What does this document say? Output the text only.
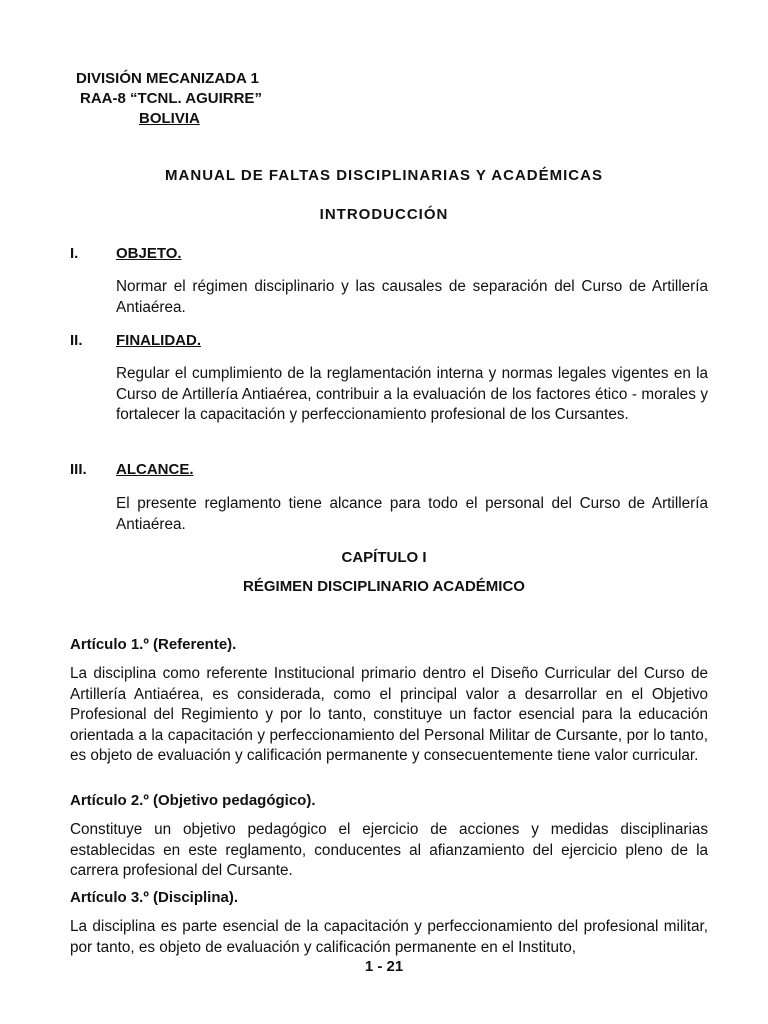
DIVISIÓN MECANIZADA 1
RAA-8 “TCNL. AGUIRRE”
BOLIVIA
MANUAL DE FALTAS DISCIPLINARIAS Y ACADÉMICAS
INTRODUCCIÓN
I.	OBJETO.
Normar el régimen disciplinario y las causales de separación del Curso de Artillería Antiaérea.
II. FINALIDAD.
Regular el cumplimiento de la reglamentación interna y normas legales vigentes en la Curso de Artillería Antiaérea, contribuir a la evaluación de los factores ético - morales y fortalecer la capacitación y perfeccionamiento profesional de los Cursantes.
III. ALCANCE.
El presente reglamento tiene alcance para todo el personal del Curso de Artillería Antiaérea.
CAPÍTULO I
RÉGIMEN DISCIPLINARIO ACADÉMICO
Artículo 1.º (Referente).
La disciplina como referente Institucional primario dentro el Diseño Curricular del Curso de Artillería Antiaérea, es considerada, como el principal valor a desarrollar en el Objetivo Profesional del Regimiento y por lo tanto, constituye un factor esencial para la educación orientada a la capacitación y perfeccionamiento del Personal Militar de Cursante, por lo tanto, es objeto de evaluación y calificación permanente y consecuentemente tiene valor curricular.
Artículo 2.º (Objetivo pedagógico).
Constituye un objetivo pedagógico el ejercicio de acciones y medidas disciplinarias establecidas en este reglamento, conducentes al afianzamiento del ejercicio pleno de la carrera profesional del Cursante.
Artículo 3.º (Disciplina).
La disciplina es parte esencial de la capacitación y perfeccionamiento del profesional militar, por tanto, es objeto de evaluación y calificación permanente en el Instituto,
1 - 21
